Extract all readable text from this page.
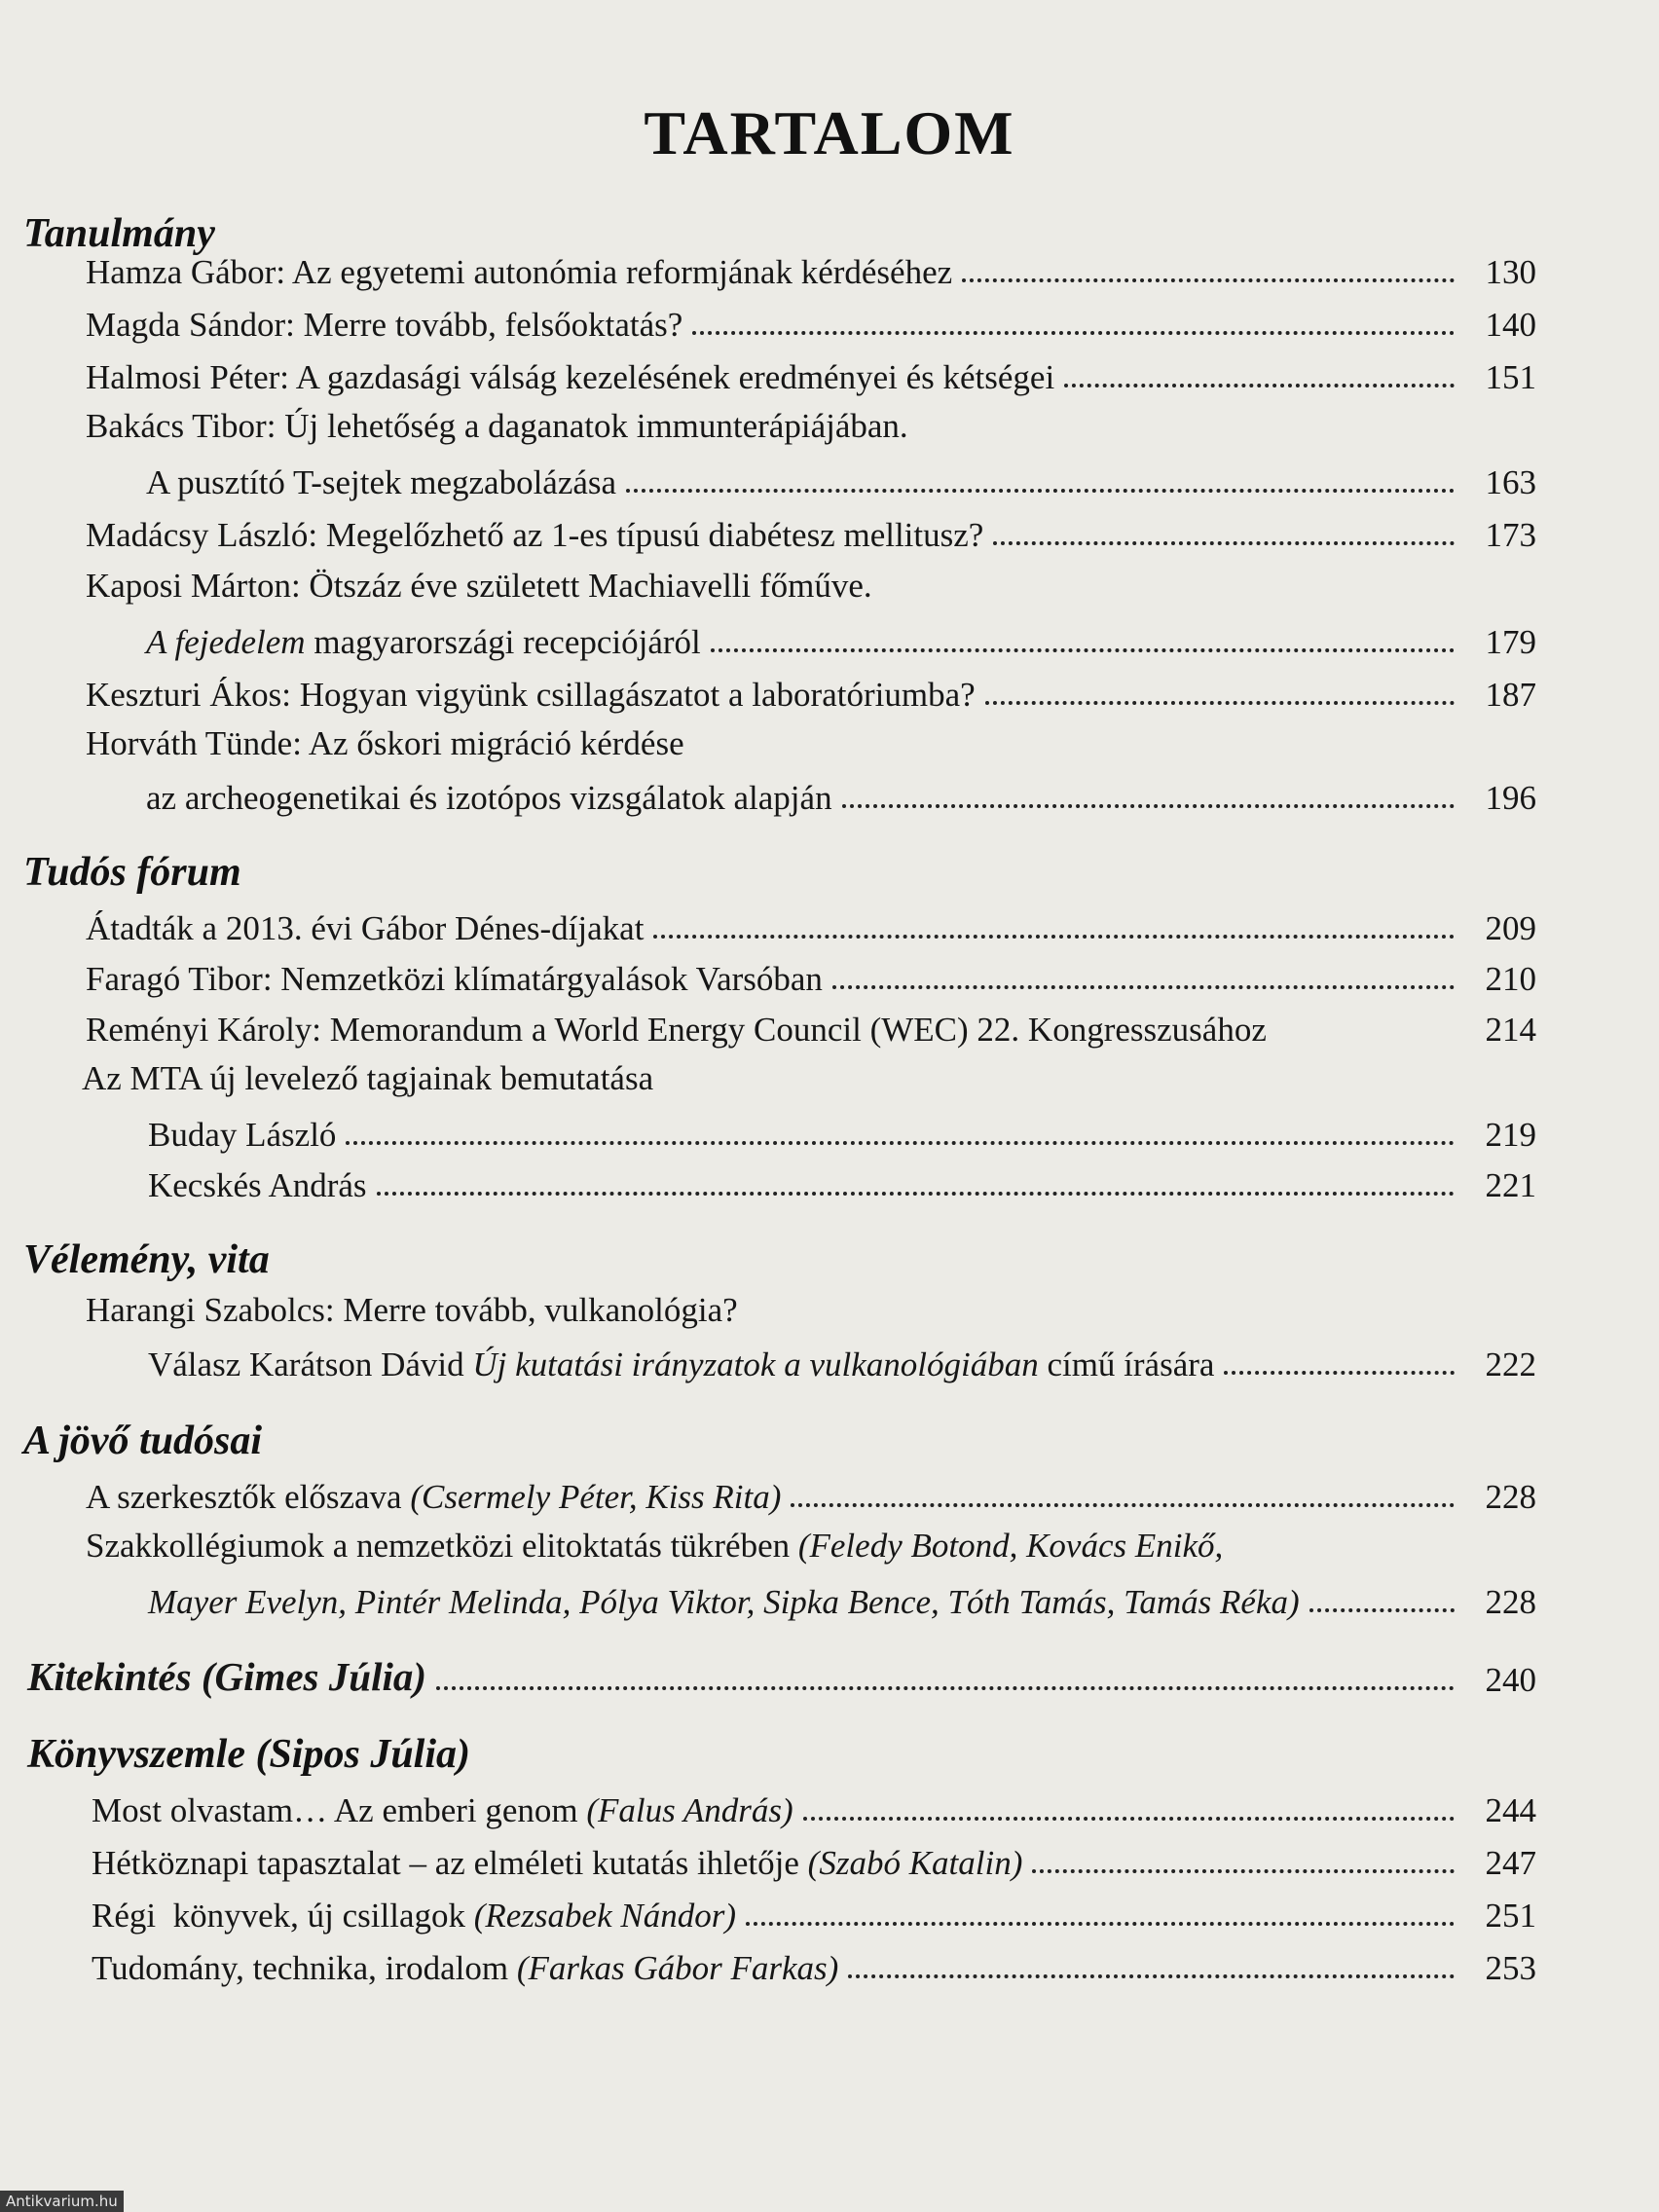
TARTALOM
Tanulmány
Hamza Gábor: Az egyetemi autonómia reformjának kérdéséhez	130
Magda Sándor: Merre tovább, felsőoktatás?	140
Halmosi Péter: A gazdasági válság kezelésének eredményei és kétségei	151
Bakács Tibor: Új lehetőség a daganatok immunterápiájában.
A pusztító T-sejtek megzabolázása	163
Madácsy László: Megelőzhető az 1-es típusú diabétesz mellitusz?	173
Kaposi Márton: Ötszáz éve született Machiavelli főműve.
A fejedelem magyarországi recepciójáról	179
Keszturi Ákos: Hogyan vigyünk csillagászatot a laboratóriumba?	187
Horváth Tünde: Az őskori migráció kérdése
az archeogenetikai és izotópos vizsgálatok alapján	196
Tudós fórum
Átadták a 2013. évi Gábor Dénes-díjakat	209
Faragó Tibor: Nemzetközi klímatárgyalások Varsóban	210
Reményi Károly: Memorandum a World Energy Council (WEC) 22. Kongresszusához	214
Az MTA új levelező tagjainak bemutatása
Buday László	219
Kecskés András	221
Vélemény, vita
Harangi Szabolcs: Merre tovább, vulkanológia?
Válasz Karátson Dávid Új kutatási irányzatok a vulkanológiában című írására	222
A jövő tudósai
A szerkesztők előszava (Csermely Péter, Kiss Rita)	228
Szakkollégiumok a nemzetközi elitoktatás tükrében (Feledy Botond, Kovács Enikő,
Mayer Evelyn, Pintér Melinda, Pólya Viktor, Sipka Bence, Tóth Tamás, Tamás Réka)	228
Kitekintés (Gimes Júlia)	240
Könyvszemle (Sipos Júlia)
Most olvastam… Az emberi genom (Falus András)	244
Hétköznapi tapasztalat – az elméleti kutatás ihletője (Szabó Katalin)	247
Régi  könyvek, új csillagok (Rezsabek Nándor)	251
Tudomány, technika, irodalom (Farkas Gábor Farkas)	253
Antikvarium.hu
